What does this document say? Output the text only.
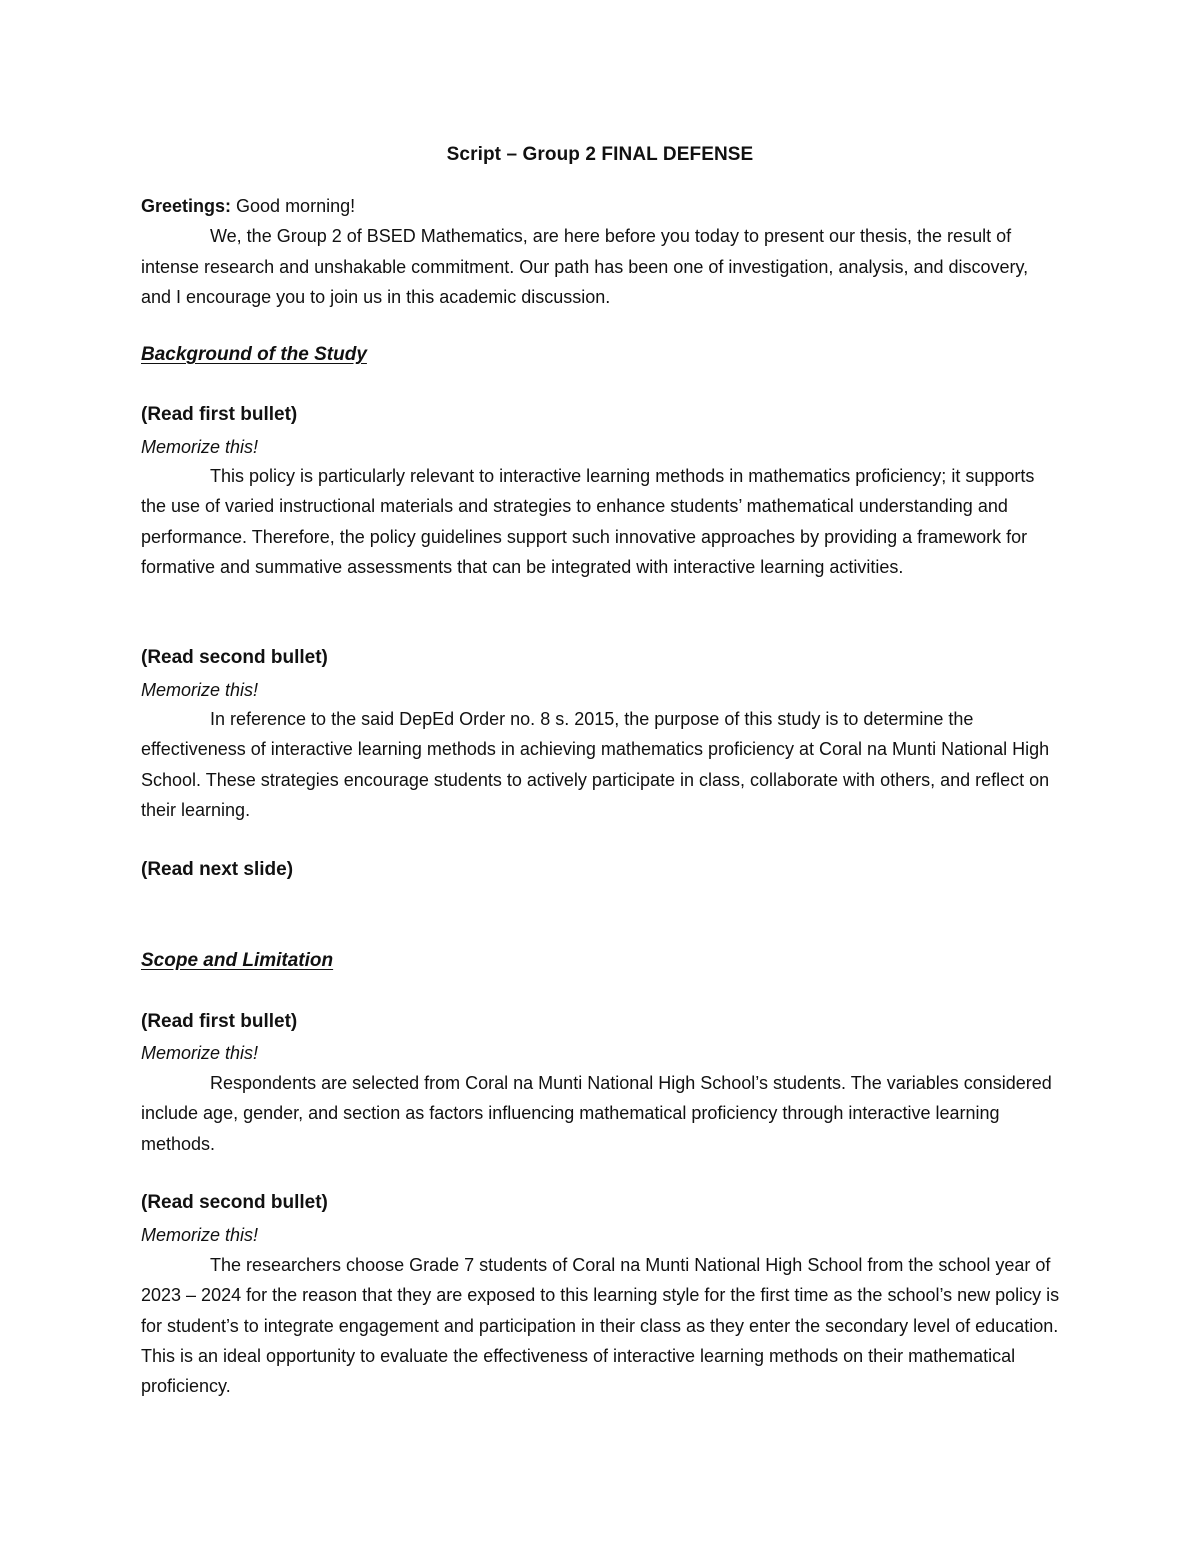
Script – Group 2 FINAL DEFENSE
Greetings: Good morning!

We, the Group 2 of BSED Mathematics, are here before you today to present our thesis, the result of intense research and unshakable commitment. Our path has been one of investigation, analysis, and discovery, and I encourage you to join us in this academic discussion.

Background of the Study
(Read first bullet)
Memorize this!

This policy is particularly relevant to interactive learning methods in mathematics proficiency; it supports the use of varied instructional materials and strategies to enhance students’ mathematical understanding and performance. Therefore, the policy guidelines support such innovative approaches by providing a framework for formative and summative assessments that can be integrated with interactive learning activities.

(Read second bullet)
Memorize this!

In reference to the said DepEd Order no. 8 s. 2015, the purpose of this study is to determine the effectiveness of interactive learning methods in achieving mathematics proficiency at Coral na Munti National High School. These strategies encourage students to actively participate in class, collaborate with others, and reflect on their learning.

(Read next slide)
Scope and Limitation
(Read first bullet)
Memorize this!

Respondents are selected from Coral na Munti National High School’s students. The variables considered include age, gender, and section as factors influencing mathematical proficiency through interactive learning methods.

(Read second bullet)
Memorize this!

The researchers choose Grade 7 students of Coral na Munti National High School from the school year of 2023 – 2024 for the reason that they are exposed to this learning style for the first time as the school’s new policy is for student’s to integrate engagement and participation in their class as they enter the secondary level of education. This is an ideal opportunity to evaluate the effectiveness of interactive learning methods on their mathematical proficiency.
